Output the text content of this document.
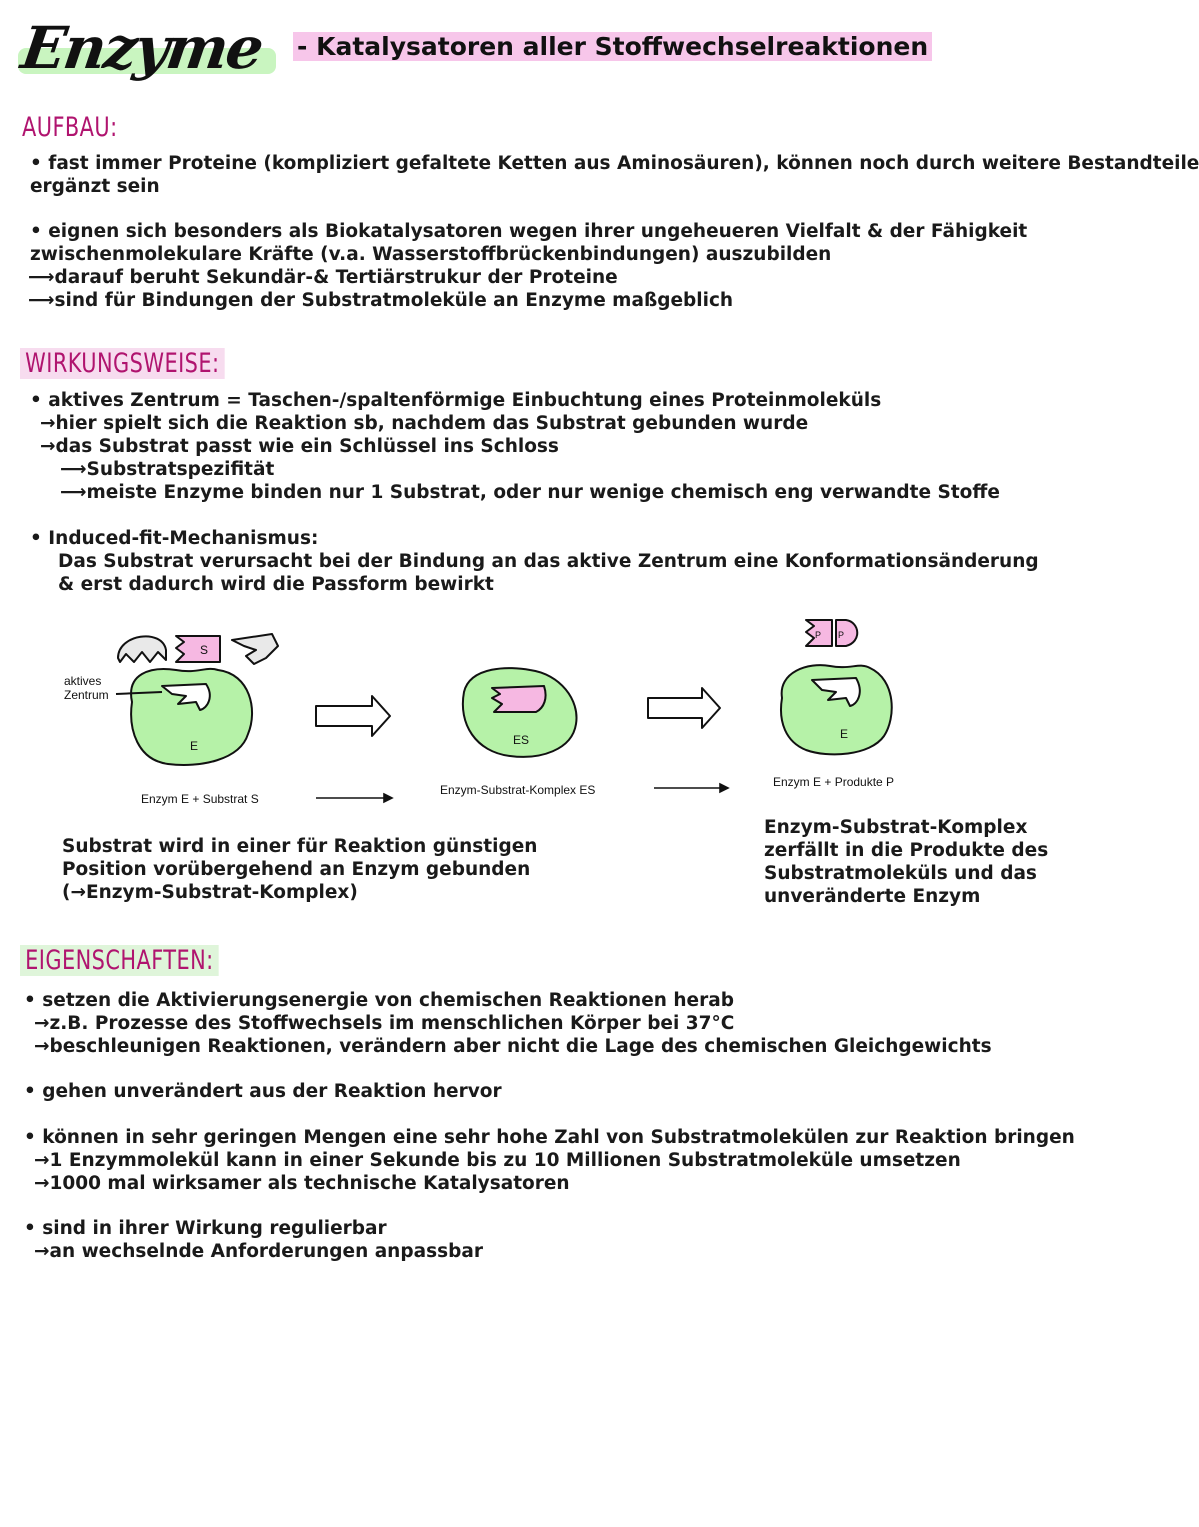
Enzyme - Katalysatoren aller Stoffwechselreaktionen
AUFBAU:
• fast immer Proteine (kompliziert gefaltete Ketten aus Aminosäuren), können noch durch weitere Bestandteile
ergänzt sein
• eignen sich besonders als Biokatalysatoren wegen ihrer ungeheueren Vielfalt & der Fähigkeit
zwischenmolekulare Kräfte (v.a. Wasserstoffbrückenbindungen) auszubilden
⟶darauf beruht Sekundär-& Tertiärstrukur der Proteine
⟶sind für Bindungen der Substratmoleküle an Enzyme maßgeblich
WIRKUNGSWEISE:
• aktives Zentrum = Taschen-/spaltenförmige Einbuchtung eines Proteinmoleküls
→hier spielt sich die Reaktion sb, nachdem das Substrat gebunden wurde
→das Substrat passt wie ein Schlüssel ins Schloss
⟶Substratspezifität
⟶meiste Enzyme binden nur 1 Substrat, oder nur wenige chemisch eng verwandte Stoffe
• Induced-fit-Mechanismus:
Das Substrat verursacht bei der Bindung an das aktive Zentrum eine Konformationsänderung
& erst dadurch wird die Passform bewirkt
S
E	ES	E
P P
aktives
Zentrum
Enzym E + Substrat S
Enzym-Substrat-Komplex ES
Enzym E + Produkte P
Substrat wird in einer für Reaktion günstigen
Position vorübergehend an Enzym gebunden
(→Enzym-Substrat-Komplex)
Enzym-Substrat-Komplex
zerfällt in die Produkte des
Substratmoleküls und das
unveränderte Enzym
EIGENSCHAFTEN:
• setzen die Aktivierungsenergie von chemischen Reaktionen herab
→z.B. Prozesse des Stoffwechsels im menschlichen Körper bei 37°C
→beschleunigen Reaktionen, verändern aber nicht die Lage des chemischen Gleichgewichts
• gehen unverändert aus der Reaktion hervor
• können in sehr geringen Mengen eine sehr hohe Zahl von Substratmolekülen zur Reaktion bringen
→1 Enzymmolekül kann in einer Sekunde bis zu 10 Millionen Substratmoleküle umsetzen
→1000 mal wirksamer als technische Katalysatoren
• sind in ihrer Wirkung regulierbar
→an wechselnde Anforderungen anpassbar
